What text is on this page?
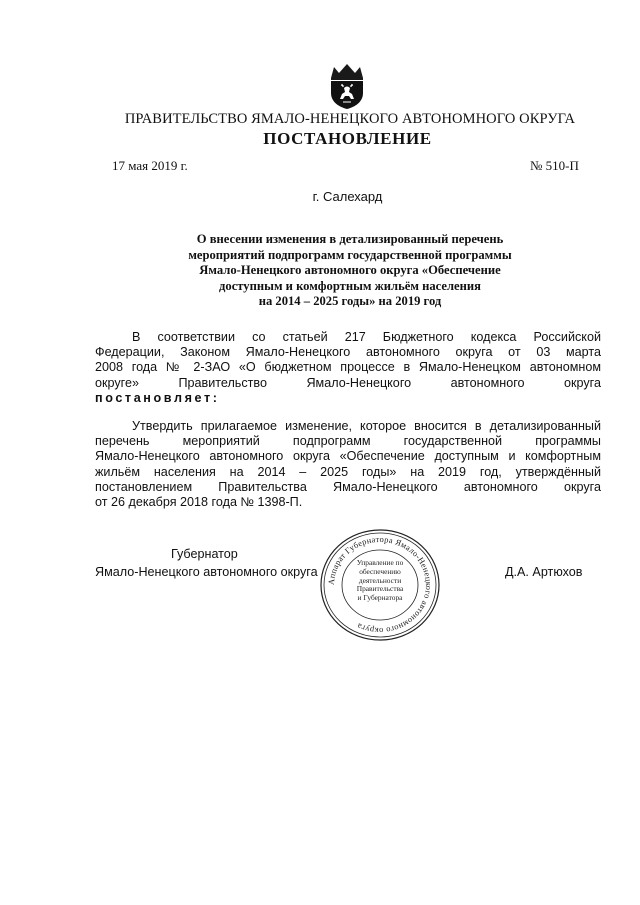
ПРАВИТЕЛЬСТВО ЯМАЛО-НЕНЕЦКОГО АВТОНОМНОГО ОКРУГА
ПОСТАНОВЛЕНИЕ
17 мая 2019 г.	№ 510-П
г. Салехард
О внесении изменения в детализированный перечень
мероприятий подпрограмм государственной программы
Ямало-Ненецкого автономного округа «Обеспечение
доступным и комфортным жильём населения
на 2014 – 2025 годы» на 2019 год
В соответствии со статьей 217 Бюджетного кодекса Российской
Федерации, Законом Ямало-Ненецкого автономного округа от 03 марта
2008 года № 2-ЗАО «О бюджетном процессе в Ямало-Ненецком автономном
округе» Правительство Ямало-Ненецкого автономного округа
постановляет:
Утвердить прилагаемое изменение, которое вносится в детализированный
перечень мероприятий подпрограмм государственной программы
Ямало-Ненецкого автономного округа «Обеспечение доступным и комфортным
жильём населения на 2014 – 2025 годы» на 2019 год, утверждённый
постановлением Правительства Ямало-Ненецкого автономного округа
от 26 декабря 2018 года № 1398-П.
Губернатор
Ямало-Ненецкого автономного округа	Д.А. Артюхов
Аппарат Губернатора Ямало-Ненецкого автономного округа
Управление по
обеспечению
деятельности
Правительства
и Губернатора
